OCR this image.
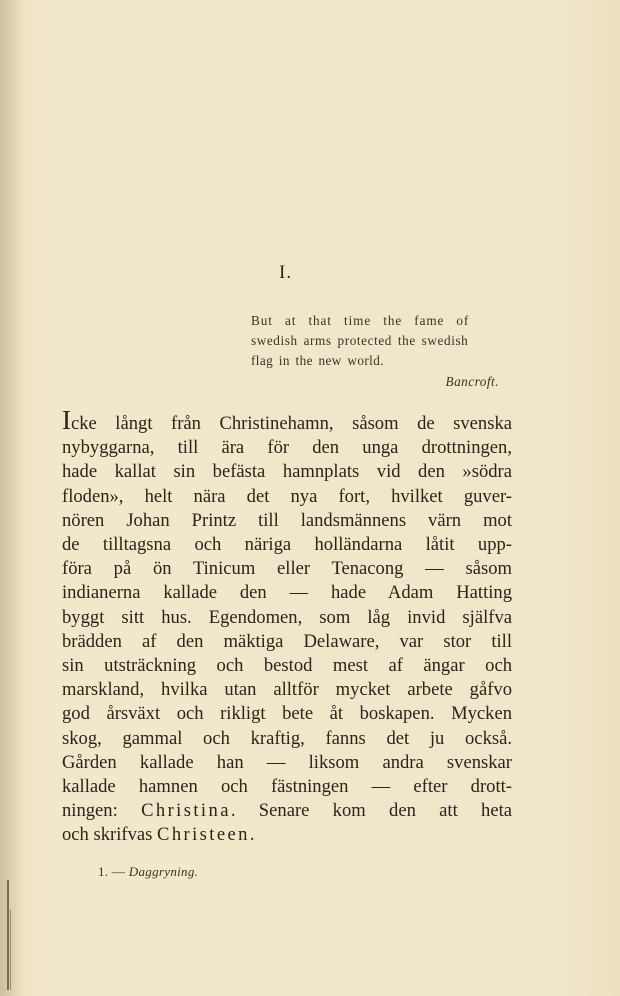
I.
But at that time the fame of
swedish arms protected the swedish
flag in the new world.
Bancroft.
Icke långt från Christinehamn, såsom de svenska
nybyggarna, till ära för den unga drottningen,
hade kallat sin befästa hamnplats vid den »södra
floden», helt nära det nya fort, hvilket guver-
nören Johan Printz till landsmännens värn mot
de tilltagsna och näriga holländarna låtit upp-
föra på ön Tinicum eller Tenacong — såsom
indianerna kallade den — hade Adam Hatting
byggt sitt hus. Egendomen, som låg invid själfva
brädden af den mäktiga Delaware, var stor till
sin utsträckning och bestod mest af ängar och
marskland, hvilka utan alltför mycket arbete gåfvo
god årsväxt och rikligt bete åt boskapen. Mycken
skog, gammal och kraftig, fanns det ju också.
Gården kallade han — liksom andra svenskar
kallade hamnen och fästningen — efter drott-
ningen: Christina. Senare kom den att heta
och skrifvas Christeen.
1. — Daggryning.
